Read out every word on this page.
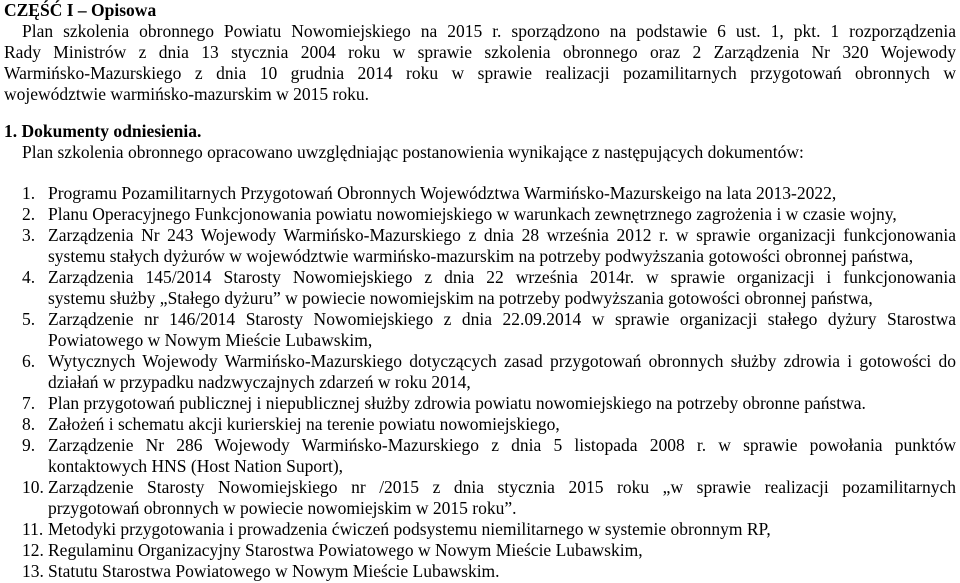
CZĘŚĆ I – Opisowa
Plan szkolenia obronnego Powiatu Nowomiejskiego na 2015 r. sporządzono na podstawie 6 ust. 1, pkt. 1 rozporządzenia
Rady Ministrów z dnia 13 stycznia 2004 roku w sprawie szkolenia obronnego oraz 2 Zarządzenia Nr 320 Wojewody
Warmińsko-Mazurskiego z dnia 10 grudnia 2014 roku w sprawie realizacji pozamilitarnych przygotowań obronnych w
województwie warmińsko-mazurskim w 2015 roku.
1. Dokumenty odniesienia.
Plan szkolenia obronnego opracowano uwzględniając postanowienia wynikające z następujących dokumentów:
1. Programu Pozamilitarnych Przygotowań Obronnych Województwa Warmińsko-Mazurskeigo na lata 2013-2022,
2. Planu Operacyjnego Funkcjonowania powiatu nowomiejskiego w warunkach zewnętrznego zagrożenia i w czasie wojny,
3. Zarządzenia Nr 243 Wojewody Warmińsko-Mazurskiego z dnia 28 września 2012 r. w sprawie organizacji funkcjonowania
systemu stałych dyżurów w województwie warmińsko-mazurskim na potrzeby podwyższania gotowości obronnej państwa,
4. Zarządzenia 145/2014 Starosty Nowomiejskiego z dnia 22 września 2014r. w sprawie organizacji i funkcjonowania
systemu służby „Stałego dyżuru” w powiecie nowomiejskim na potrzeby podwyższania gotowości obronnej państwa,
5. Zarządzenie nr 146/2014 Starosty Nowomiejskiego z dnia 22.09.2014 w sprawie organizacji stałego dyżury Starostwa
Powiatowego w Nowym Mieście Lubawskim,
6. Wytycznych Wojewody Warmińsko-Mazurskiego dotyczących zasad przygotowań obronnych służby zdrowia i gotowości do
działań w przypadku nadzwyczajnych zdarzeń w roku 2014,
7. Plan przygotowań publicznej i niepublicznej służby zdrowia powiatu nowomiejskiego na potrzeby obronne państwa.
8. Założeń i schematu akcji kurierskiej na terenie powiatu nowomiejskiego,
9. Zarządzenie Nr 286 Wojewody Warmińsko-Mazurskiego z dnia 5 listopada 2008 r. w sprawie powołania punktów
kontaktowych HNS (Host Nation Suport),
10. Zarządzenie Starosty Nowomiejskiego nr /2015 z dnia stycznia 2015 roku „w sprawie realizacji pozamilitarnych
przygotowań obronnych w powiecie nowomiejskim w 2015 roku”.
11. Metodyki przygotowania i prowadzenia ćwiczeń podsystemu niemilitarnego w systemie obronnym RP,
12. Regulaminu Organizacyjny Starostwa Powiatowego w Nowym Mieście Lubawskim,
13. Statutu Starostwa Powiatowego w Nowym Mieście Lubawskim.
